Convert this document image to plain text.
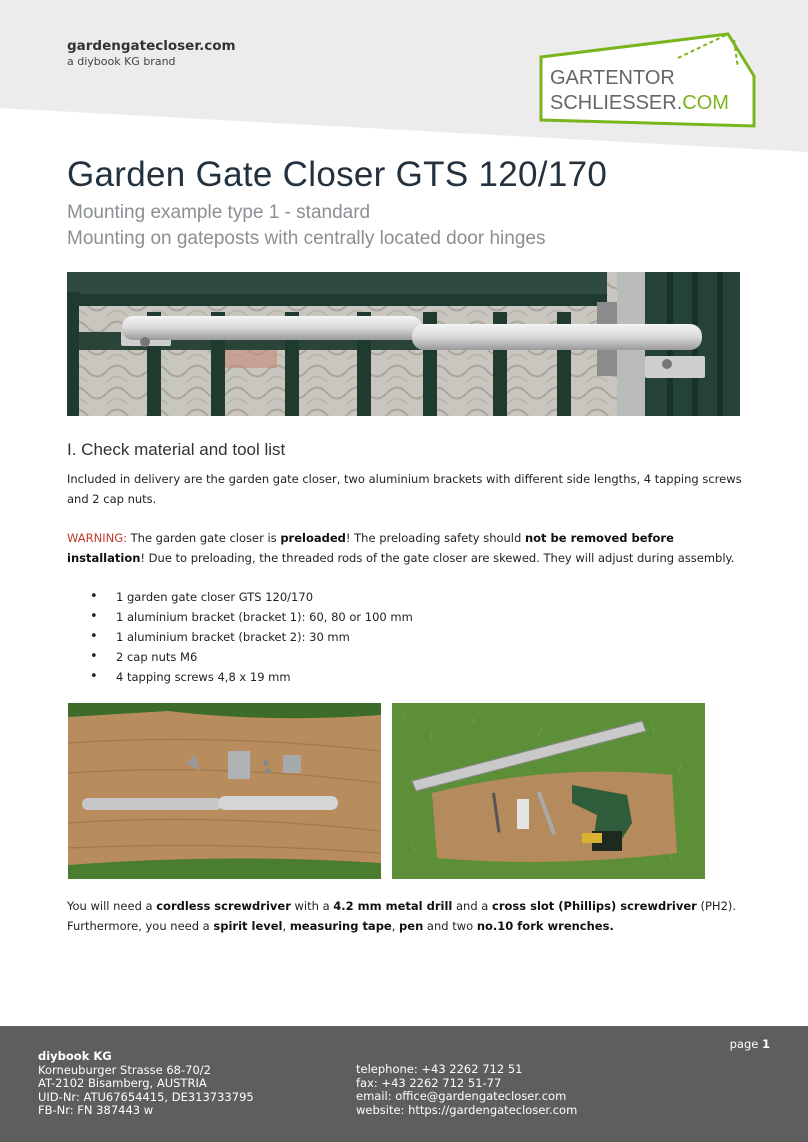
gardengatecloser.com
a diybook KG brand
GARTENTOR
SCHLIESSER.COM
Garden Gate Closer GTS 120/170
Mounting example type 1 - standard
Mounting on gateposts with centrally located door hinges
I. Check material and tool list
Included in delivery are the garden gate closer, two aluminium brackets with different side lengths, 4 tapping screws and 2 cap nuts.
WARNING: The garden gate closer is preloaded! The preloading safety should not be removed before installation! Due to preloading, the threaded rods of the gate closer are skewed. They will adjust during assembly.
• 1 garden gate closer GTS 120/170
• 1 aluminium bracket (bracket 1): 60, 80 or 100 mm
• 1 aluminium bracket (bracket 2): 30 mm
• 2 cap nuts M6
• 4 tapping screws 4,8 x 19 mm
You will need a cordless screwdriver with a 4.2 mm metal drill and a cross slot (Phillips) screwdriver (PH2). Furthermore, you need a spirit level, measuring tape, pen and two no.10 fork wrenches.
page 1
diybook KG
Korneuburger Strasse 68-70/2
AT-2102 Bisamberg, AUSTRIA
UID-Nr: ATU67654415, DE313733795
FB-Nr: FN 387443 w
telephone: +43 2262 712 51
fax: +43 2262 712 51-77
email: office@gardengatecloser.com
website: https://gardengatecloser.com
